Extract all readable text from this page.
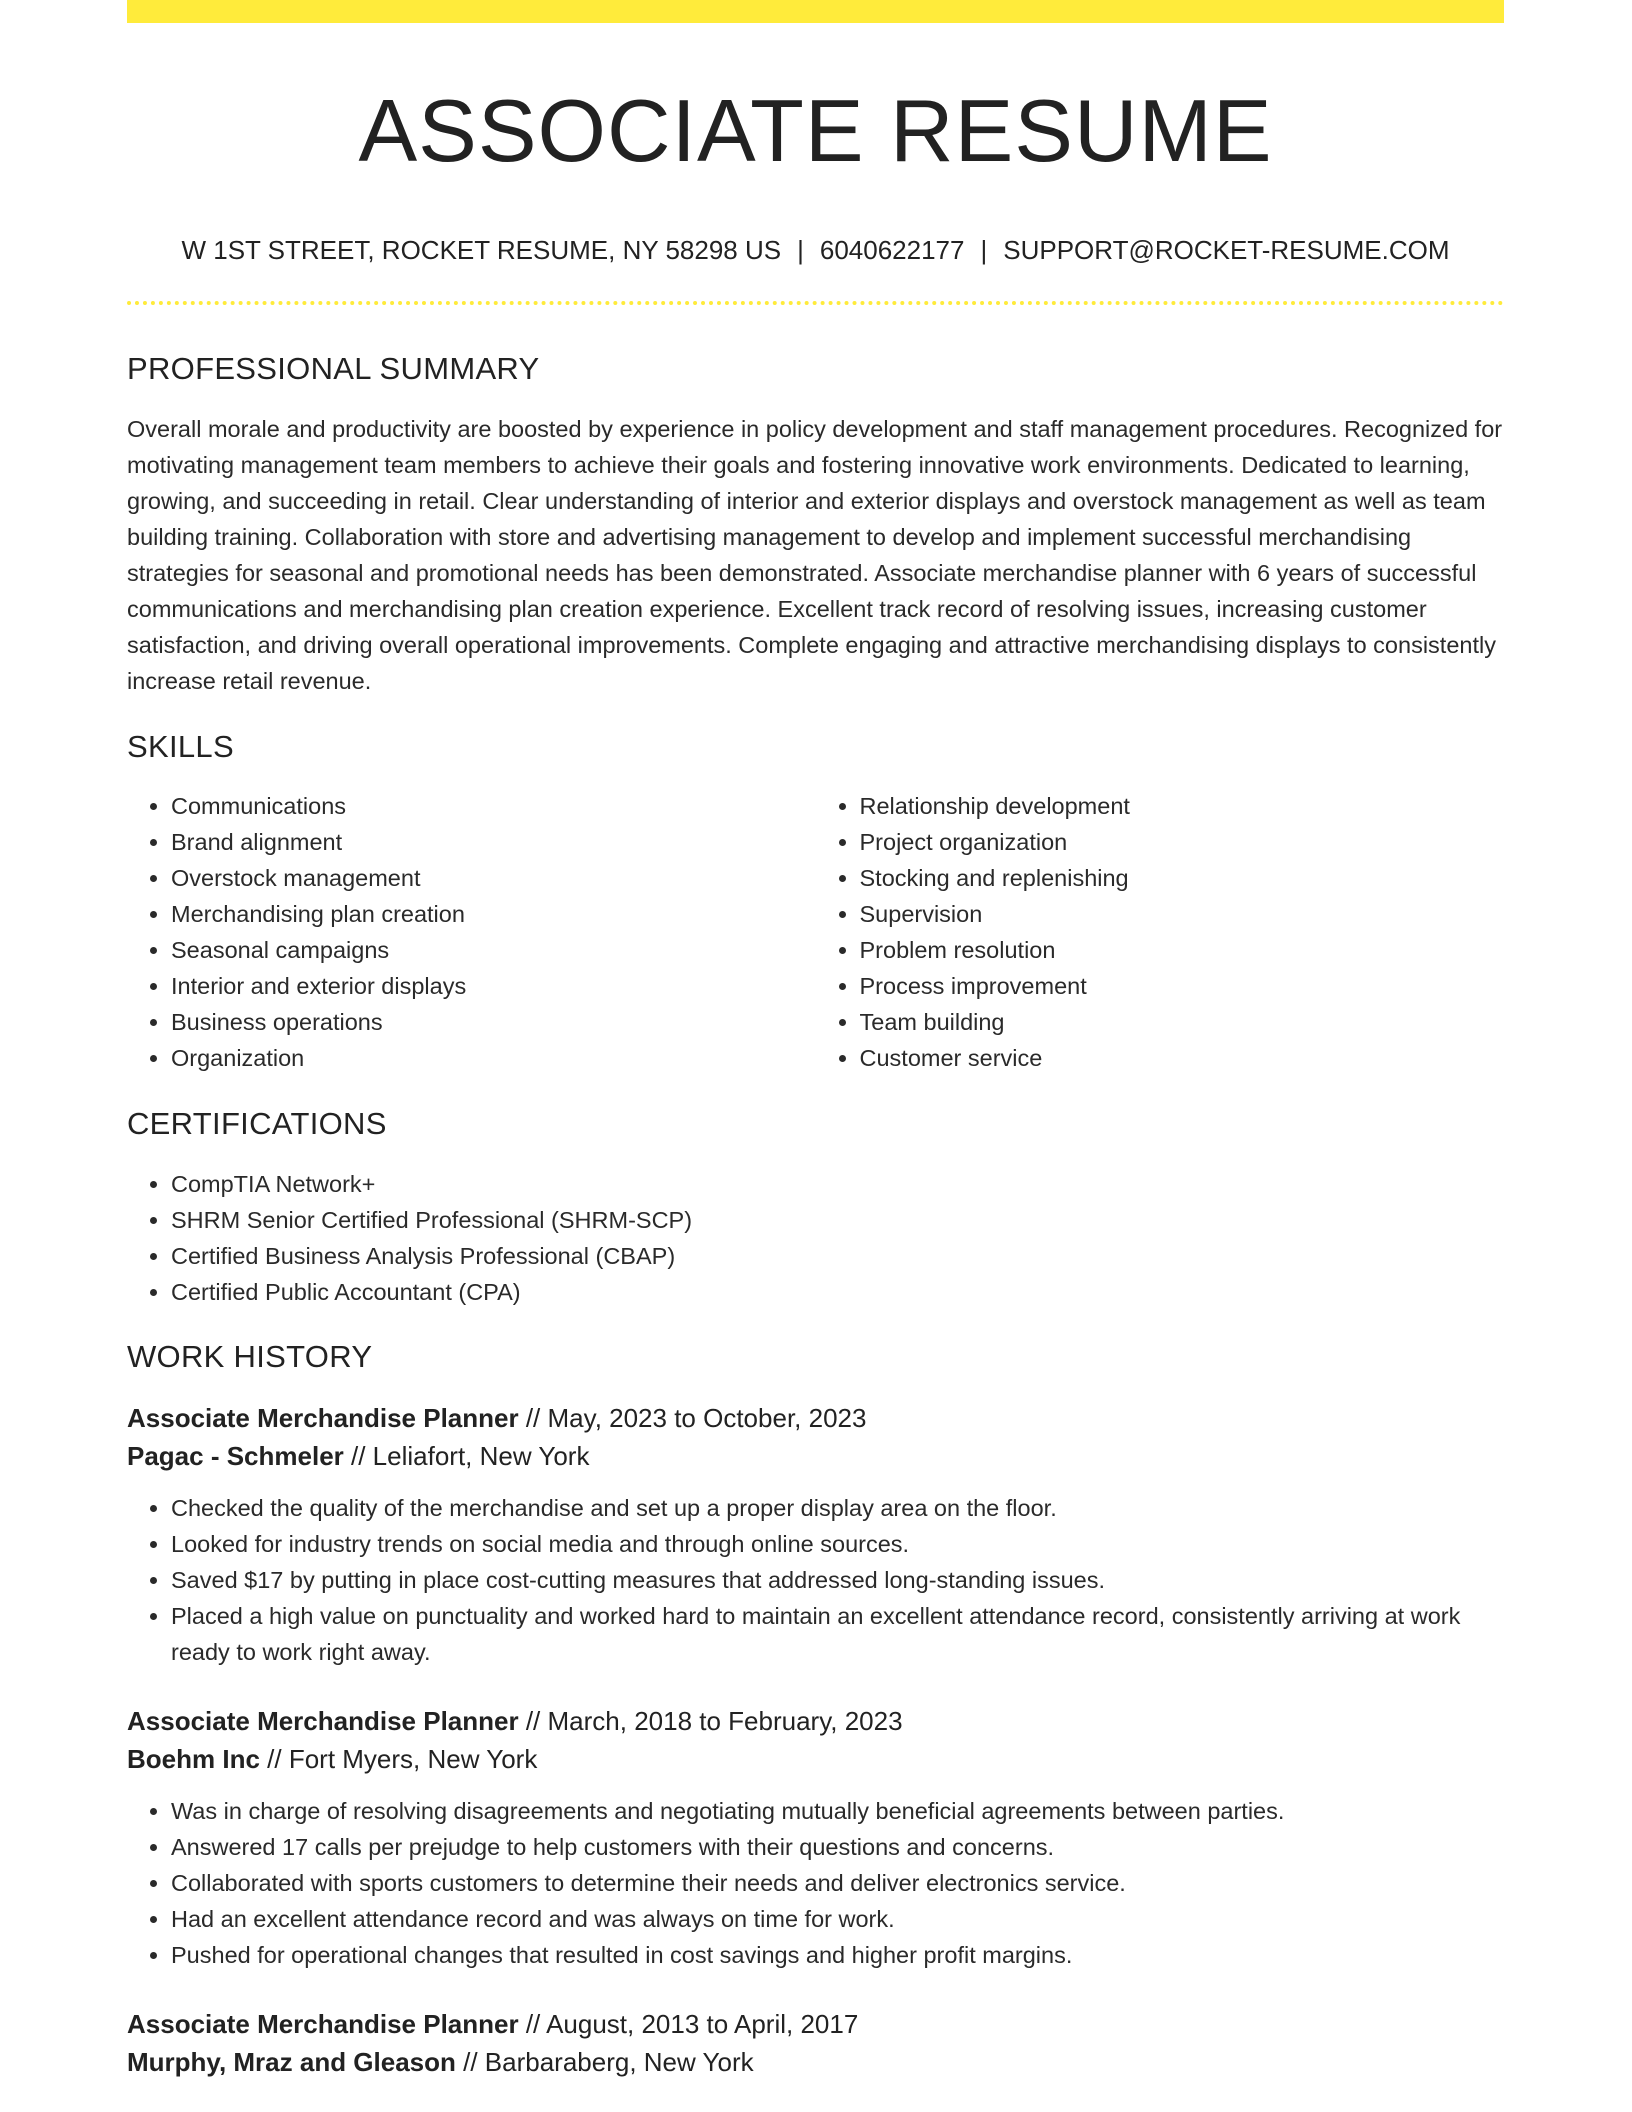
ASSOCIATE RESUME
W 1ST STREET, ROCKET RESUME, NY 58298 US | 6040622177 | SUPPORT@ROCKET-RESUME.COM
PROFESSIONAL SUMMARY

Overall morale and productivity are boosted by experience in policy development and staff management procedures. Recognized for motivating management team members to achieve their goals and fostering innovative work environments. Dedicated to learning, growing, and succeeding in retail. Clear understanding of interior and exterior displays and overstock management as well as team building training. Collaboration with store and advertising management to develop and implement successful merchandising strategies for seasonal and promotional needs has been demonstrated. Associate merchandise planner with 6 years of successful communications and merchandising plan creation experience. Excellent track record of resolving issues, increasing customer satisfaction, and driving overall operational improvements. Complete engaging and attractive merchandising displays to consistently increase retail revenue.

SKILLS
• Communications
• Brand alignment
• Overstock management
• Merchandising plan creation
• Seasonal campaigns
• Interior and exterior displays
• Business operations
• Organization
• Relationship development
• Project organization
• Stocking and replenishing
• Supervision
• Problem resolution
• Process improvement
• Team building
• Customer service
CERTIFICATIONS
• CompTIA Network+
• SHRM Senior Certified Professional (SHRM-SCP)
• Certified Business Analysis Professional (CBAP)
• Certified Public Accountant (CPA)
WORK HISTORY
Associate Merchandise Planner // May, 2023 to October, 2023
Pagac - Schmeler // Leliafort, New York
• Checked the quality of the merchandise and set up a proper display area on the floor.
• Looked for industry trends on social media and through online sources.
• Saved $17 by putting in place cost-cutting measures that addressed long-standing issues.
• Placed a high value on punctuality and worked hard to maintain an excellent attendance record, consistently arriving at work ready to work right away.
Associate Merchandise Planner // March, 2018 to February, 2023
Boehm Inc // Fort Myers, New York
• Was in charge of resolving disagreements and negotiating mutually beneficial agreements between parties.
• Answered 17 calls per prejudge to help customers with their questions and concerns.
• Collaborated with sports customers to determine their needs and deliver electronics service.
• Had an excellent attendance record and was always on time for work.
• Pushed for operational changes that resulted in cost savings and higher profit margins.
Associate Merchandise Planner // August, 2013 to April, 2017
Murphy, Mraz and Gleason // Barbaraberg, New York
